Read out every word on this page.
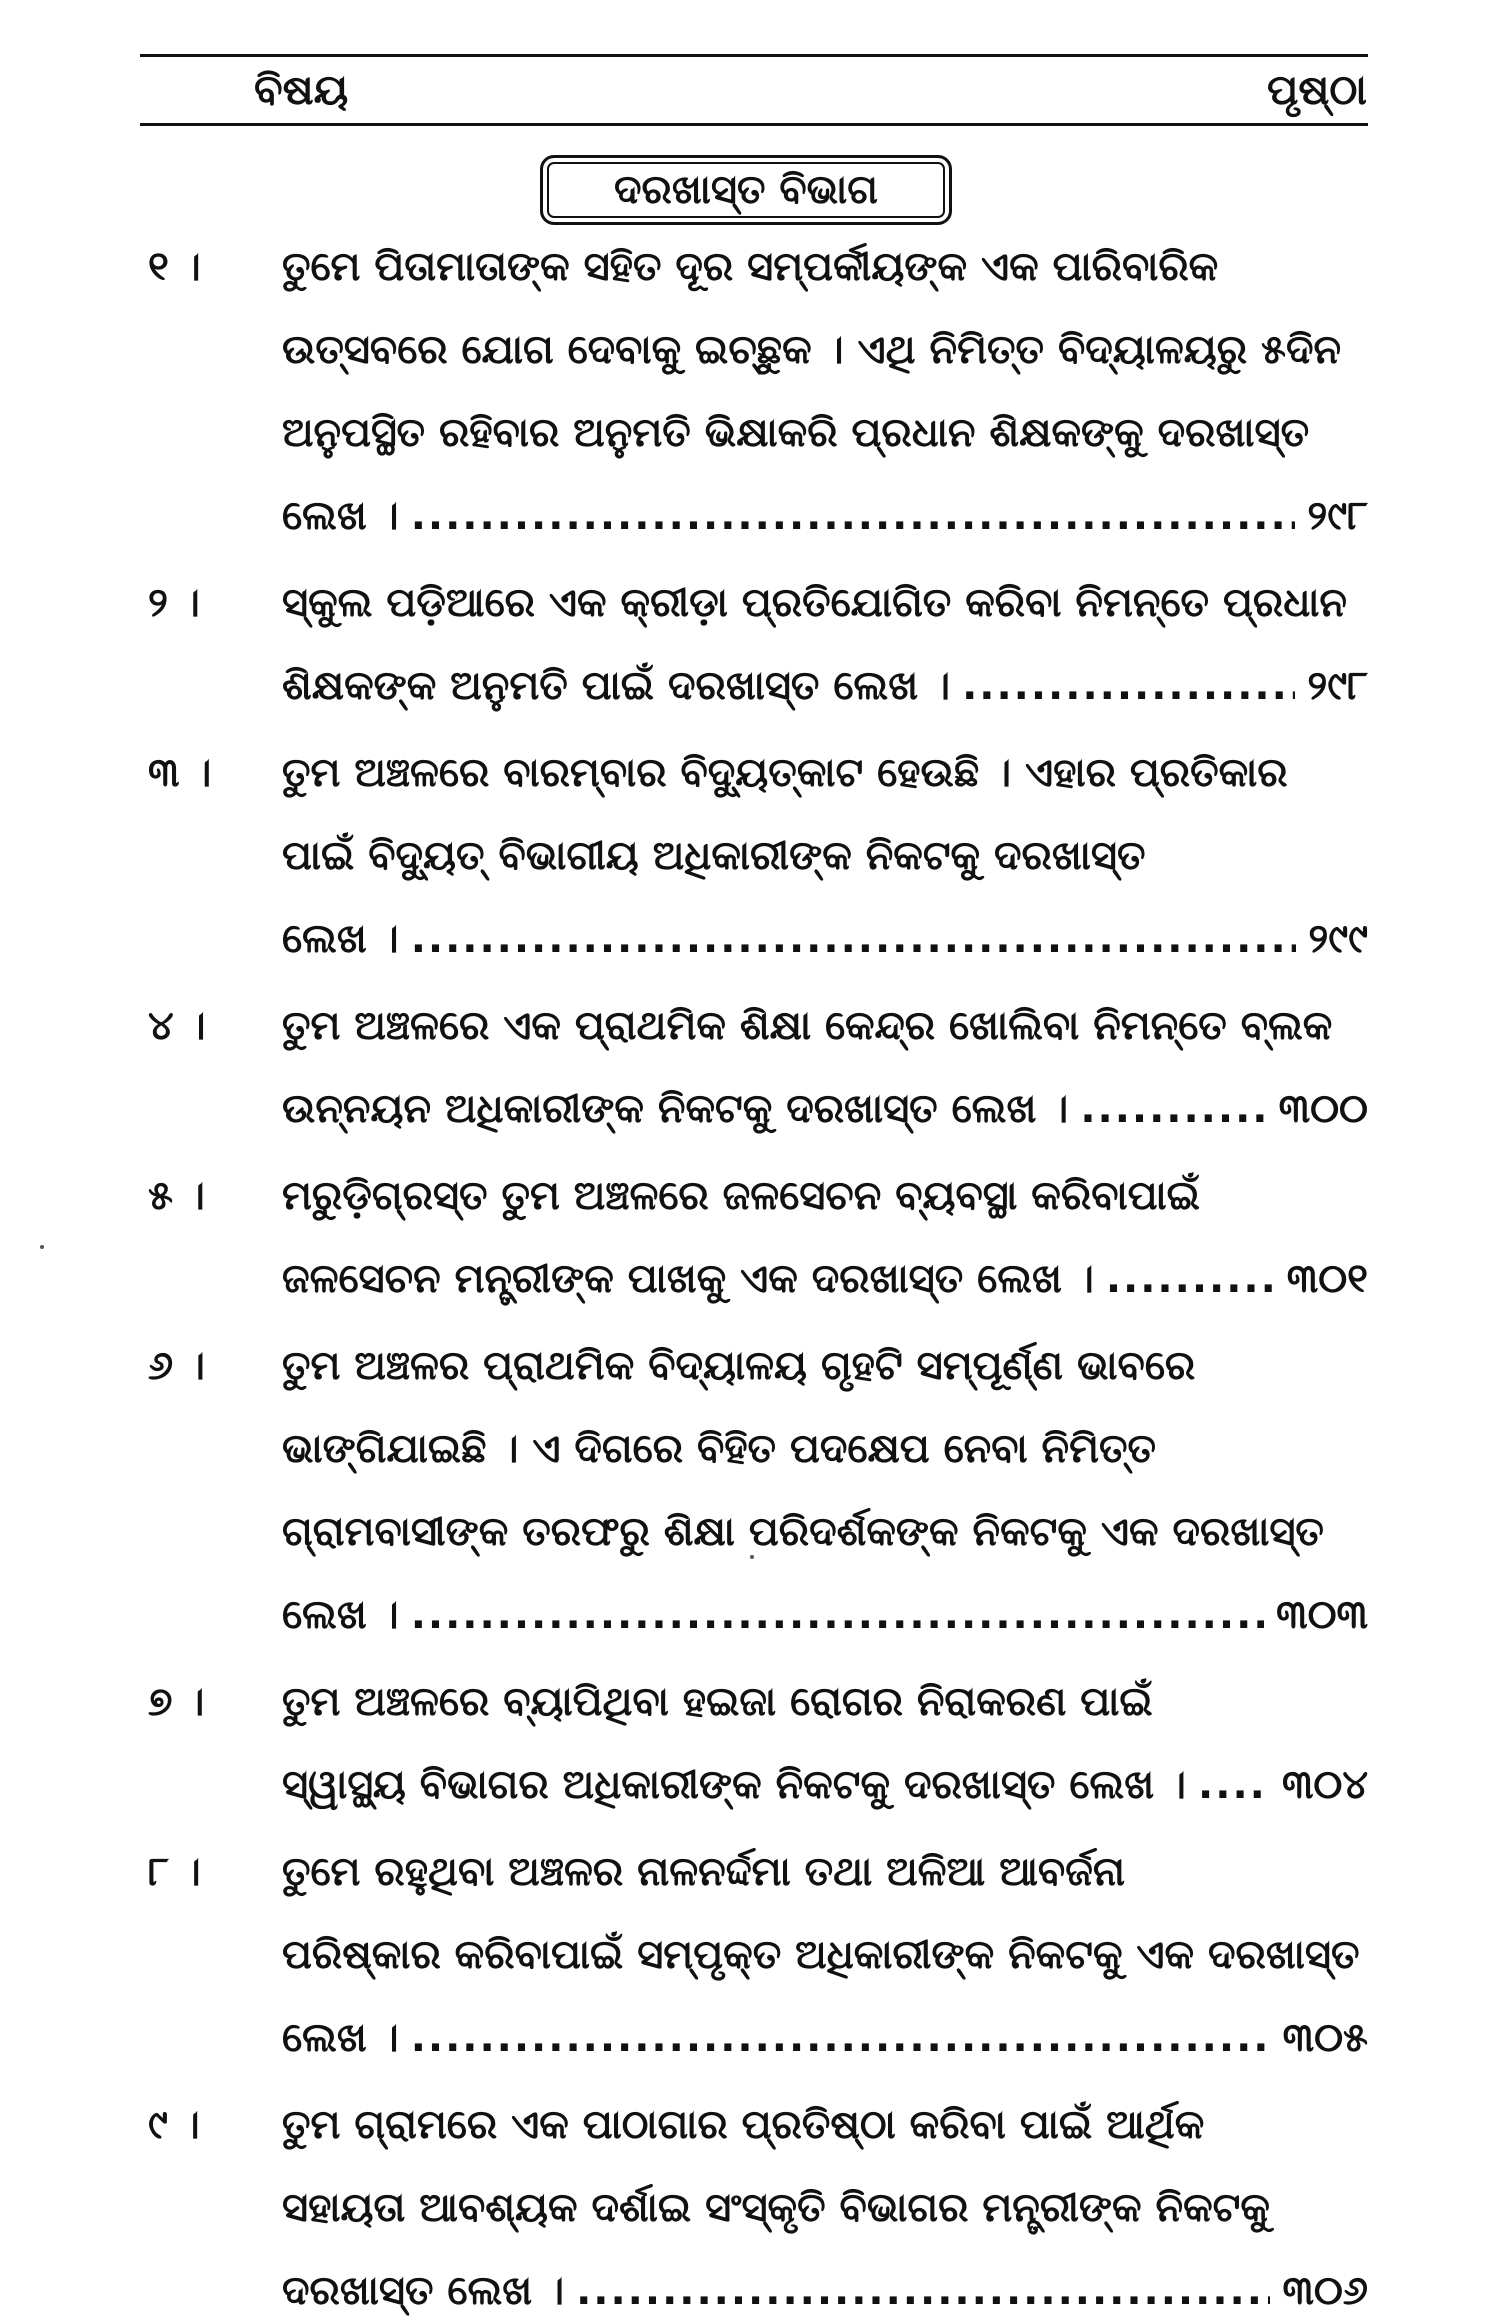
ବିଷୟ	ପୃଷ୍ଠା
ଦରଖାସ୍ତ ବିଭାଗ
୧ ।	ତୁମେ ପିତାମାତାଙ୍କ ସହିତ ଦୂର ସମ୍ପର୍କୀୟଙ୍କ ଏକ ପାରିବାରିକ
ଉତ୍ସବରେ ଯୋଗ ଦେବାକୁ ଇଚ୍ଛୁକ । ଏଥି ନିମିତ୍ତ ବିଦ୍ୟାଳୟରୁ ୫ଦିନ
ଅନୁପସ୍ଥିତ ରହିବାର ଅନୁମତି ଭିକ୍ଷାକରି ପ୍ରଧାନ ଶିକ୍ଷକଙ୍କୁ ଦରଖାସ୍ତ
ଲେଖ । .....	୨୯୮
୨ ।	ସ୍କୁଲ ପଡ଼ିଆରେ ଏକ କ୍ରୀଡ଼ା ପ୍ରତିଯୋଗିତ କରିବା ନିମନ୍ତେ ପ୍ରଧାନ
ଶିକ୍ଷକଙ୍କ ଅନୁମତି ପାଇଁ ଦରଖାସ୍ତ ଲେଖ । .....	୨୯୮
୩ ।	ତୁମ ଅଞ୍ଚଳରେ ବାରମ୍ବାର ବିଦ୍ୟୁତ୍‌କାଟ ହେଉଛି । ଏହାର ପ୍ରତିକାର
ପାଇଁ ବିଦ୍ୟୁତ୍ ବିଭାଗୀୟ ଅଧିକାରୀଙ୍କ ନିକଟକୁ ଦରଖାସ୍ତ
ଲେଖ । .....	୨୯୯
୪ ।	ତୁମ ଅଞ୍ଚଳରେ ଏକ ପ୍ରାଥମିକ ଶିକ୍ଷା କେନ୍ଦ୍ର ଖୋଲିବା ନିମନ୍ତେ ବ୍ଲକ
ଉନ୍ନୟନ ଅଧିକାରୀଙ୍କ ନିକଟକୁ ଦରଖାସ୍ତ ଲେଖ । .....	୩୦୦
୫ ।	ମରୁଡ଼ିଗ୍ରସ୍ତ ତୁମ ଅଞ୍ଚଳରେ ଜଳସେଚନ ବ୍ୟବସ୍ଥା କରିବାପାଇଁ
ଜଳସେଚନ ମନ୍ତ୍ରୀଙ୍କ ପାଖକୁ ଏକ ଦରଖାସ୍ତ ଲେଖ । .....	୩୦୧
୬ ।	ତୁମ ଅଞ୍ଚଳର ପ୍ରାଥମିକ ବିଦ୍ୟାଳୟ ଗୃହଟି ସମ୍ପୂର୍ଣ୍ଣ ଭାବରେ
ଭାଙ୍ଗିଯାଇଛି । ଏ ଦିଗରେ ବିହିତ ପଦକ୍ଷେପ ନେବା ନିମିତ୍ତ
ଗ୍ରାମବାସୀଙ୍କ ତରଫରୁ ଶିକ୍ଷା ପରିଦର୍ଶକଙ୍କ ନିକଟକୁ ଏକ ଦରଖାସ୍ତ
ଲେଖ । .....	୩୦୩
୭ ।	ତୁମ ଅଞ୍ଚଳରେ ବ୍ୟାପିଥିବା ହଇଜା ରୋଗର ନିରାକରଣ ପାଇଁ
ସ୍ୱାସ୍ଥ୍ୟ ବିଭାଗର ଅଧିକାରୀଙ୍କ ନିକଟକୁ ଦରଖାସ୍ତ ଲେଖ । ..... ୩୦୪
୮ ।	ତୁମେ ରହୁଥିବା ଅଞ୍ଚଳର ନାଳନର୍ଦ୍ଦମା ତଥା ଅଳିଆ ଆବର୍ଜନା
ପରିଷ୍କାର କରିବାପାଇଁ ସମ୍ପୃକ୍ତ ଅଧିକାରୀଙ୍କ ନିକଟକୁ ଏକ ଦରଖାସ୍ତ
ଲେଖ । .....	୩୦୫
୯ ।	ତୁମ ଗ୍ରାମରେ ଏକ ପାଠାଗାର ପ୍ରତିଷ୍ଠା କରିବା ପାଇଁ ଆର୍ଥିକ
ସହାୟତା ଆବଶ୍ୟକ ଦର୍ଶାଇ ସଂସ୍କୃତି ବିଭାଗର ମନ୍ତ୍ରୀଙ୍କ ନିକଟକୁ
ଦରଖାସ୍ତ ଲେଖ । .....	୩୦୬
